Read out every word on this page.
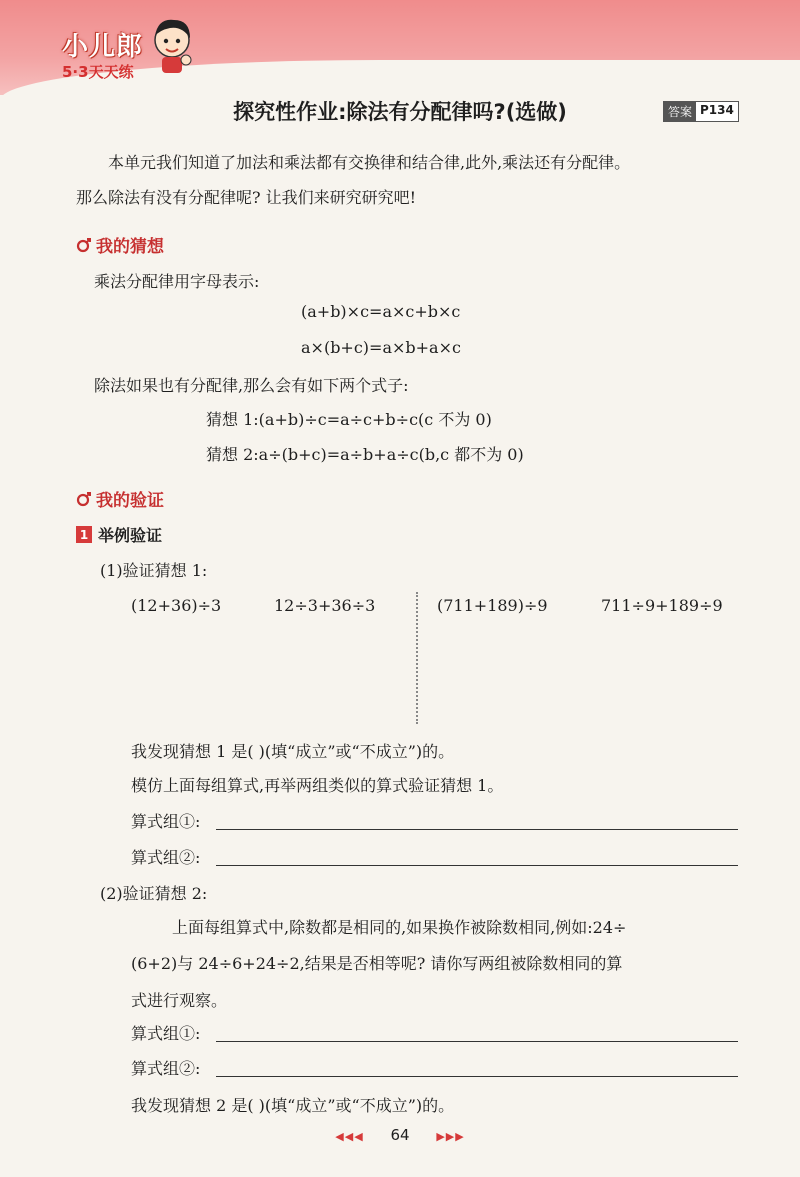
小儿郎
5·3天天练
探究性作业:除法有分配律吗?(选做)	答案 P134
本单元我们知道了加法和乘法都有交换律和结合律,此外,乘法还有分配律。
那么除法有没有分配律呢? 让我们来研究研究吧!
我的猜想
乘法分配律用字母表示:
(a+b)×c=a×c+b×c
a×(b+c)=a×b+a×c
除法如果也有分配律,那么会有如下两个式子:
猜想 1:(a+b)÷c=a÷c+b÷c(c 不为 0)
猜想 2:a÷(b+c)=a÷b+a÷c(b,c 都不为 0)
我的验证
1 举例验证
(1)验证猜想 1:
(12+36)÷3	12÷3+36÷3	(711+189)÷9	711÷9+189÷9
我发现猜想 1 是( )(填“成立”或“不成立”)的。
模仿上面每组算式,再举两组类似的算式验证猜想 1。
算式组①:
算式组②:
(2)验证猜想 2:
上面每组算式中,除数都是相同的,如果换作被除数相同,例如:24÷
(6+2)与 24÷6+24÷2,结果是否相等呢? 请你写两组被除数相同的算
式进行观察。
算式组①:
算式组②:
我发现猜想 2 是( )(填“成立”或“不成立”)的。
◀◀◀ 64 ▶▶▶
